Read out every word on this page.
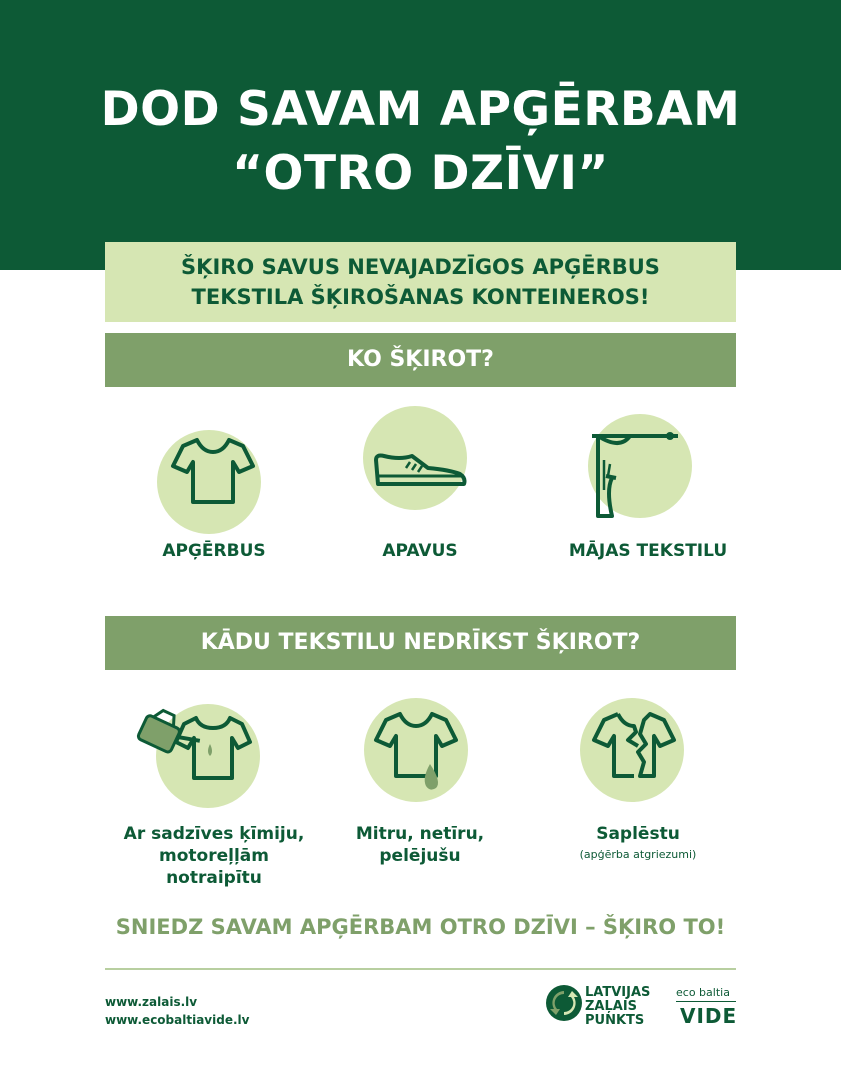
DOD SAVAM APĢĒRBAM
“OTRO DZĪVI”
ŠĶIRO SAVUS NEVAJADZĪGOS APĢĒRBUS
TEKSTILA ŠĶIROŠANAS KONTEINEROS!
KO ŠĶIROT?
APĢĒRBUS	APAVUS	MĀJAS TEKSTILU
KĀDU TEKSTILU NEDRĪKST ŠĶIROT?
Ar sadzīves ķīmiju,
motoreļļām
notraipītu
Mitru, netīru,
pelējušu
Saplēstu
(apģērba atgriezumi)
SNIEDZ SAVAM APĢĒRBAM OTRO DZĪVI – ŠĶIRO TO!
www.zalais.lv
www.ecobaltiavide.lv
LATVIJAS
ZAĻAIS
PUNKTS
eco baltia
VIDE
